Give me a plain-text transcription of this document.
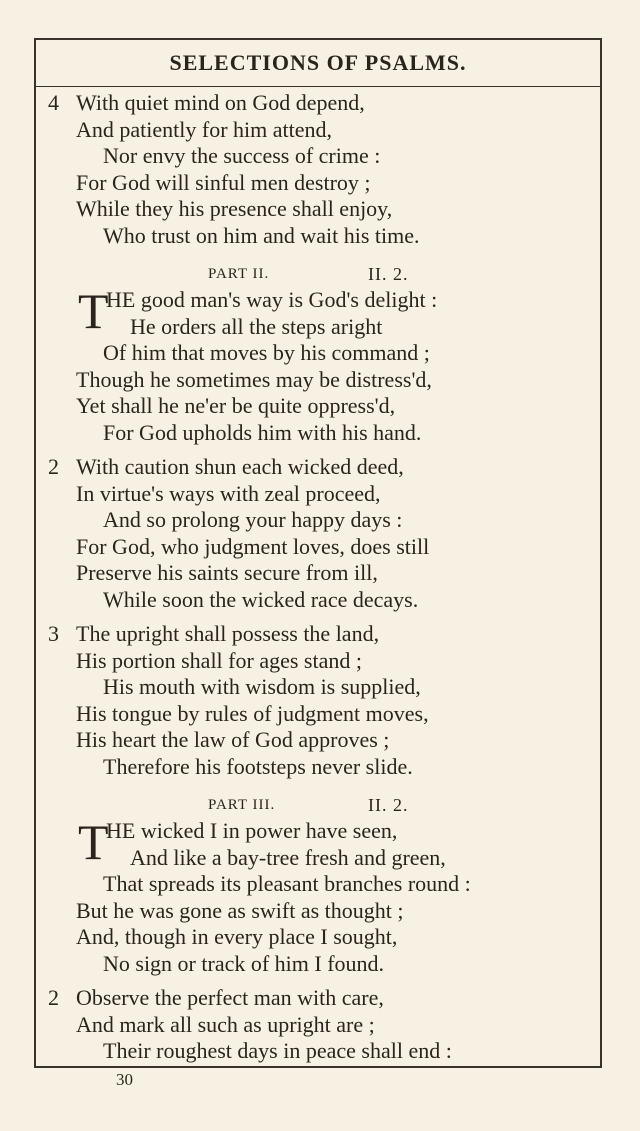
SELECTIONS OF PSALMS.
4 With quiet mind on God depend,
And patiently for him attend,
Nor envy the success of crime :
For God will sinful men destroy ;
While they his presence shall enjoy,
Who trust on him and wait his time.
PART II.	II. 2.
T
HE good man's way is God's delight :
He orders all the steps aright
Of him that moves by his command ;
Though he sometimes may be distress'd,
Yet shall he ne'er be quite oppress'd,
For God upholds him with his hand.
2 With caution shun each wicked deed,
In virtue's ways with zeal proceed,
And so prolong your happy days :
For God, who judgment loves, does still
Preserve his saints secure from ill,
While soon the wicked race decays.
3 The upright shall possess the land,
His portion shall for ages stand ;
His mouth with wisdom is supplied,
His tongue by rules of judgment moves,
His heart the law of God approves ;
Therefore his footsteps never slide.
PART III.	II. 2.
T
HE wicked I in power have seen,
And like a bay-tree fresh and green,
That spreads its pleasant branches round :
But he was gone as swift as thought ;
And, though in every place I sought,
No sign or track of him I found.
2 Observe the perfect man with care,
And mark all such as upright are ;
Their roughest days in peace shall end :
30
